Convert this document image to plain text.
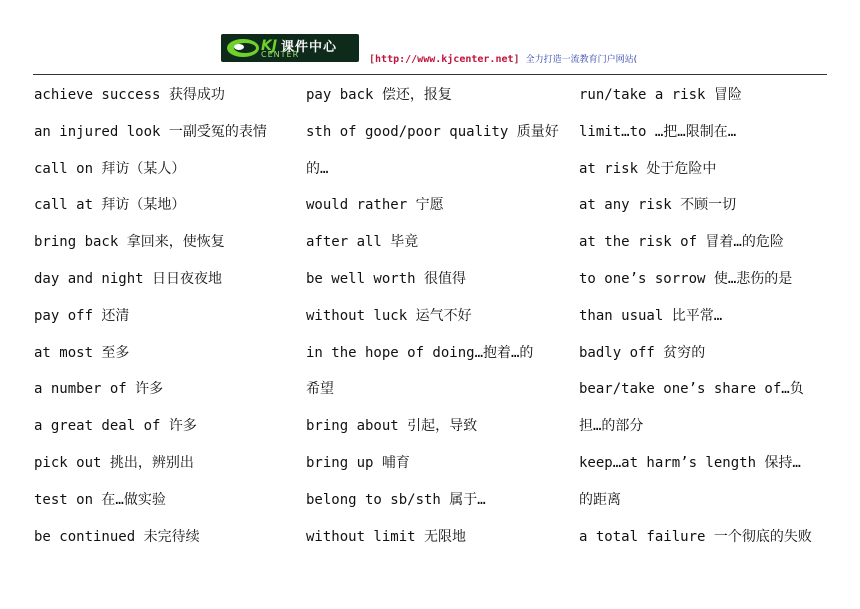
KJ
CENTER
课件中心
[http://www.kjcenter.net] 全力打造一流教育门户网站(
achieve success 获得成功
an injured look 一副受冤的表情
call on 拜访（某人）
call at 拜访（某地）
bring back 拿回来，使恢复
day and night 日日夜夜地
pay off 还清
at most 至多
a number of 许多
a great deal of 许多
pick out 挑出，辨别出
test on 在…做实验
be continued 未完待续
pay back 偿还，报复
sth of good/poor quality 质量好
的…
would rather 宁愿
after all 毕竟
be well worth 很值得
without luck 运气不好
in the hope of doing…抱着…的
希望
bring about 引起，导致
bring up 哺育
belong to sb/sth 属于…
without limit 无限地
run/take a risk 冒险
limit…to …把…限制在…
at risk 处于危险中
at any risk 不顾一切
at the risk of 冒着…的危险
to one’s sorrow 使…悲伤的是
than usual 比平常…
badly off 贫穷的
bear/take one’s share of…负
担…的部分
keep…at harm’s length 保持…
的距离
a total failure 一个彻底的失败
